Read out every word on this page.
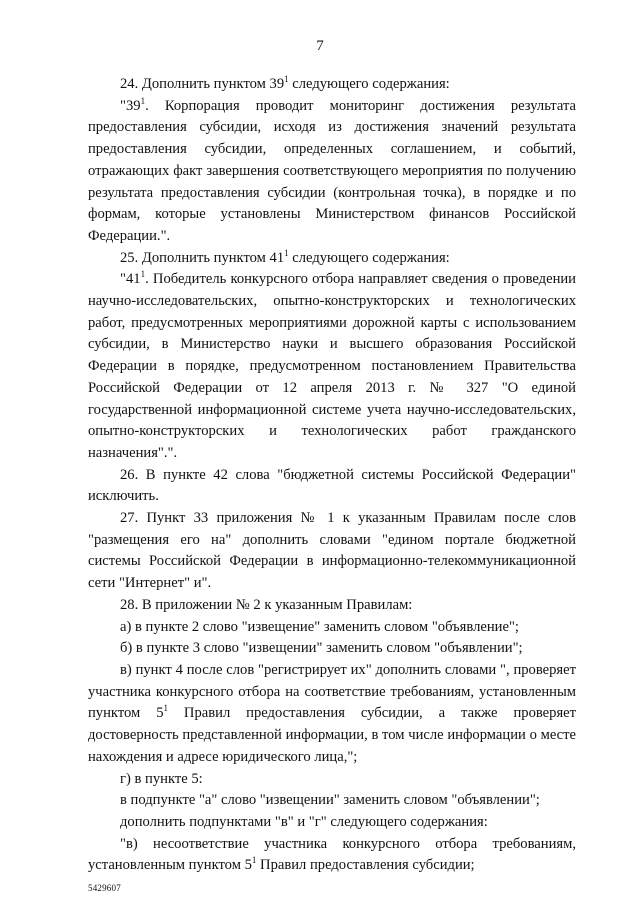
7

24. Дополнить пунктом $39^1$ следующего содержания:

"$39^1$. Корпорация проводит мониторинг достижения результата предоставления субсидии, исходя из достижения значений результата предоставления субсидии, определенных соглашением, и событий, отражающих факт завершения соответствующего мероприятия по получению результата предоставления субсидии (контрольная точка), в порядке и по формам, которые установлены Министерством финансов Российской Федерации.".

25. Дополнить пунктом $41^1$ следующего содержания:

"$41^1$. Победитель конкурсного отбора направляет сведения о проведении научно-исследовательских, опытно-конструкторских и технологических работ, предусмотренных мероприятиями дорожной карты с использованием субсидии, в Министерство науки и высшего образования Российской Федерации в порядке, предусмотренном постановлением Правительства Российской Федерации от 12 апреля 2013 г. № 327 "О единой государственной информационной системе учета научно-исследовательских, опытно-конструкторских и технологических работ гражданского назначения".".

26. В пункте 42 слова "бюджетной системы Российской Федерации" исключить.

27. Пункт 33 приложения № 1 к указанным Правилам после слов "размещения его на" дополнить словами "едином портале бюджетной системы Российской Федерации в информационно-телекоммуникационной сети "Интернет" и".

28. В приложении № 2 к указанным Правилам:

а) в пункте 2 слово "извещение" заменить словом "объявление";

б) в пункте 3 слово "извещении" заменить словом "объявлении";

в) пункт 4 после слов "регистрирует их" дополнить словами ", проверяет участника конкурсного отбора на соответствие требованиям, установленным пунктом $5^1$ Правил предоставления субсидии, а также проверяет достоверность представленной информации, в том числе информации о месте нахождения и адресе юридического лица,";

г) в пункте 5:

в подпункте "а" слово "извещении" заменить словом "объявлении";

дополнить подпунктами "в" и "г" следующего содержания:

"в) несоответствие участника конкурсного отбора требованиям, установленным пунктом $5^1$ Правил предоставления субсидии;

5429607
